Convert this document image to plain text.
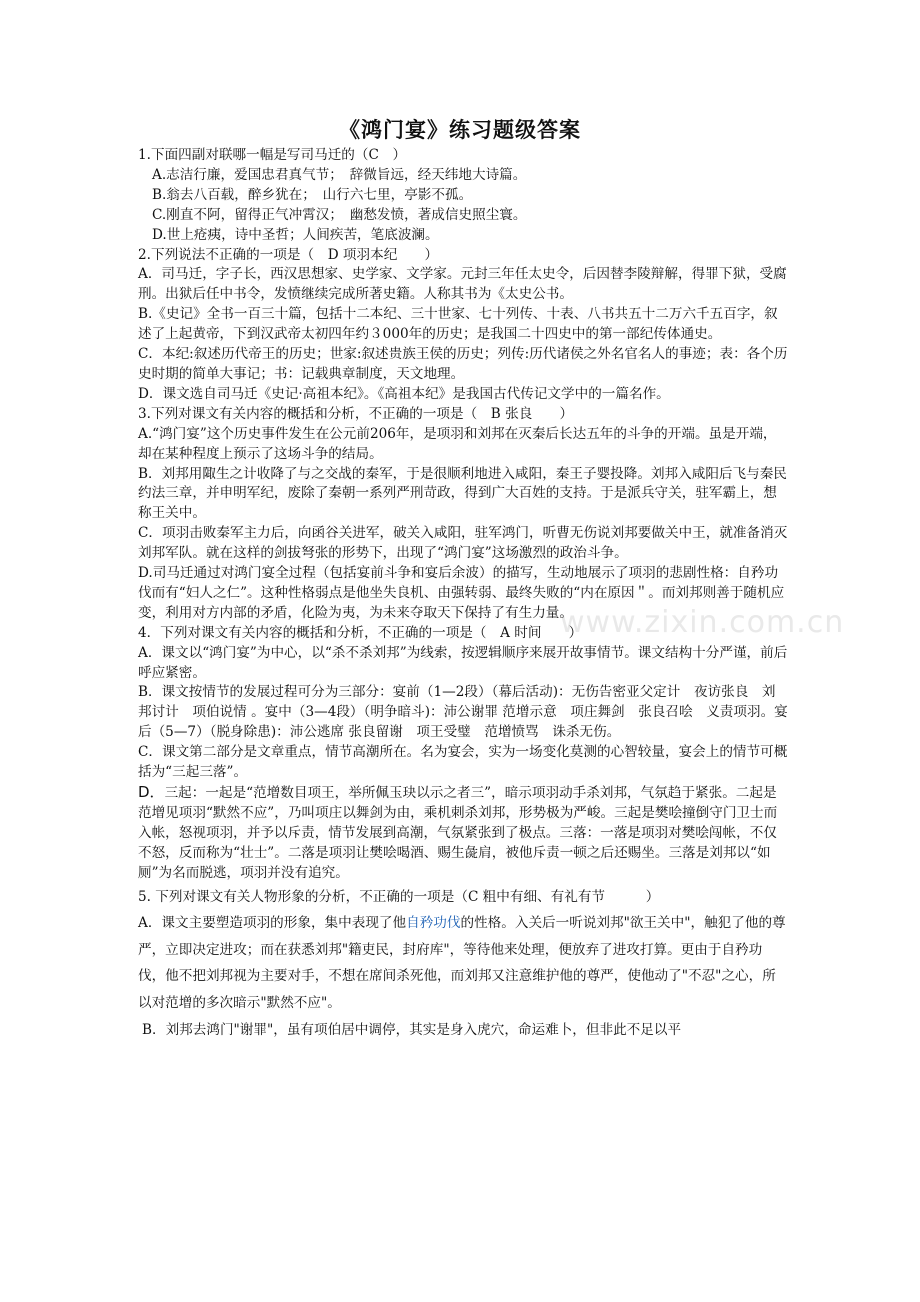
《鸿门宴》练习题级答案
www.zixin.com.cn

1.下面四副对联哪一幅是写司马迁的（C　）

A.志洁行廉，爱国忠君真气节；　辞微旨远，经天纬地大诗篇。

B.翁去八百载，醉乡犹在；　山行六七里，亭影不孤。

C.刚直不阿，留得正气冲霄汉；　幽愁发愤，著成信史照尘寰。

D.世上疮痍，诗中圣哲；人间疾苦，笔底波澜。

2.下列说法不正确的一项是（　D 项羽本纪　　）

A．司马迁，字子长，西汉思想家、史学家、文学家。元封三年任太史令，后因替李陵辩解，得罪下狱，受腐刑。出狱后任中书令，发愤继续完成所著史籍。人称其书为《太史公书。

B.《史记》全书一百三十篇，包括十二本纪、三十世家、七十列传、十表、八书共五十二万六千五百字，叙述了上起黄帝，下到汉武帝太初四年约３000年的历史；是我国二十四史中的第一部纪传体通史。

C．本纪:叙述历代帝王的历史；世家:叙述贵族王侯的历史；列传:历代诸侯之外名官名人的事迹；表：各个历史时期的简单大事记；书：记载典章制度，天文地理。

D．课文选自司马迁《史记·高祖本纪》。《高祖本纪》是我国古代传记文学中的一篇名作。

3.下列对课文有关内容的概括和分析，不正确的一项是（　B 张良　　）

A.“鸿门宴”这个历史事件发生在公元前206年，是项羽和刘邦在灭秦后长达五年的斗争的开端。虽是开端，却在某种程度上预示了这场斗争的结局。

B．刘邦用陬生之计收降了与之交战的秦军，于是很顺利地进入咸阳，秦王子婴投降。刘邦入咸阳后飞与秦民约法三章，并申明军纪，废除了秦朝一系列严刑苛政，得到广大百姓的支持。于是派兵守关，驻军霸上，想称王关中。

C．项羽击败秦军主力后，向函谷关进军，破关入咸阳，驻军鸿门，听曹无伤说刘邦要做关中王，就准备消灭刘邦军队。就在这样的剑拔弩张的形势下，出现了“鸿门宴”这场激烈的政治斗争。

D.司马迁通过对鸿门宴全过程（包括宴前斗争和宴后余波）的描写，生动地展示了项羽的悲剧性格：自矜功伐而有“妇人之仁”。这种性格弱点是他坐失良机、由强转弱、最终失败的“内在原因＂。而刘邦则善于随机应变，利用对方内部的矛盾，化险为夷，为未来夺取天下保持了有生力量。

4．下列对课文有关内容的概括和分析，不正确的一项是（　A 时间　　）

A．课文以“鸿门宴”为中心，以“杀不杀刘邦”为线索，按逻辑顺序来展开故事情节。课文结构十分严谨，前后呼应紧密。

B．课文按情节的发展过程可分为三部分：宴前（1—2段）（幕后活动)：无伤告密亚父定计　夜访张良　刘邦讨计　项伯说情 。宴中（3—4段）（明争暗斗)：沛公谢罪 范增示意　项庄舞剑　张良召哙　义责项羽。宴后（5—7）（脱身除患)：沛公逃席 张良留谢　项王受璧　范增愤骂　诛杀无伤。

C．课文第二部分是文章重点，情节高潮所在。名为宴会，实为一场变化莫测的心智较量，宴会上的情节可概括为“三起三落”。

D．三起：一起是“范增数目项王，举所佩玉玦以示之者三”，暗示项羽动手杀刘邦，气氛趋于紧张。二起是范增见项羽“默然不应”，乃叫项庄以舞剑为由，乘机刺杀刘邦，形势极为严峻。三起是樊哙撞倒守门卫士而入帐，怒视项羽，并予以斥责，情节发展到高潮，气氛紧张到了极点。三落：一落是项羽对樊哙闯帐，不仅不怒，反而称为“壮士”。二落是项羽让樊哙喝酒、赐生彘肩，被他斥责一顿之后还赐坐。三落是刘邦以“如厕”为名而脱逃，项羽并没有追究。

5. 下列对课文有关人物形象的分析，不正确的一项是（C 粗中有细、有礼有节　　　）

A．课文主要塑造项羽的形象，集中表现了他自矜功伐的性格。入关后一听说刘邦"欲王关中"，触犯了他的尊严，立即决定进攻；而在获悉刘邦"籍吏民，封府库"，等待他来处理，便放弃了进攻打算。更由于自矜功伐，他不把刘邦视为主要对手，不想在席间杀死他，而刘邦又注意维护他的尊严，使他动了"不忍"之心，所以对范增的多次暗示"默然不应"。

B．刘邦去鸿门"谢罪"，虽有项伯居中调停，其实是身入虎穴，命运难卜，但非此不足以平
